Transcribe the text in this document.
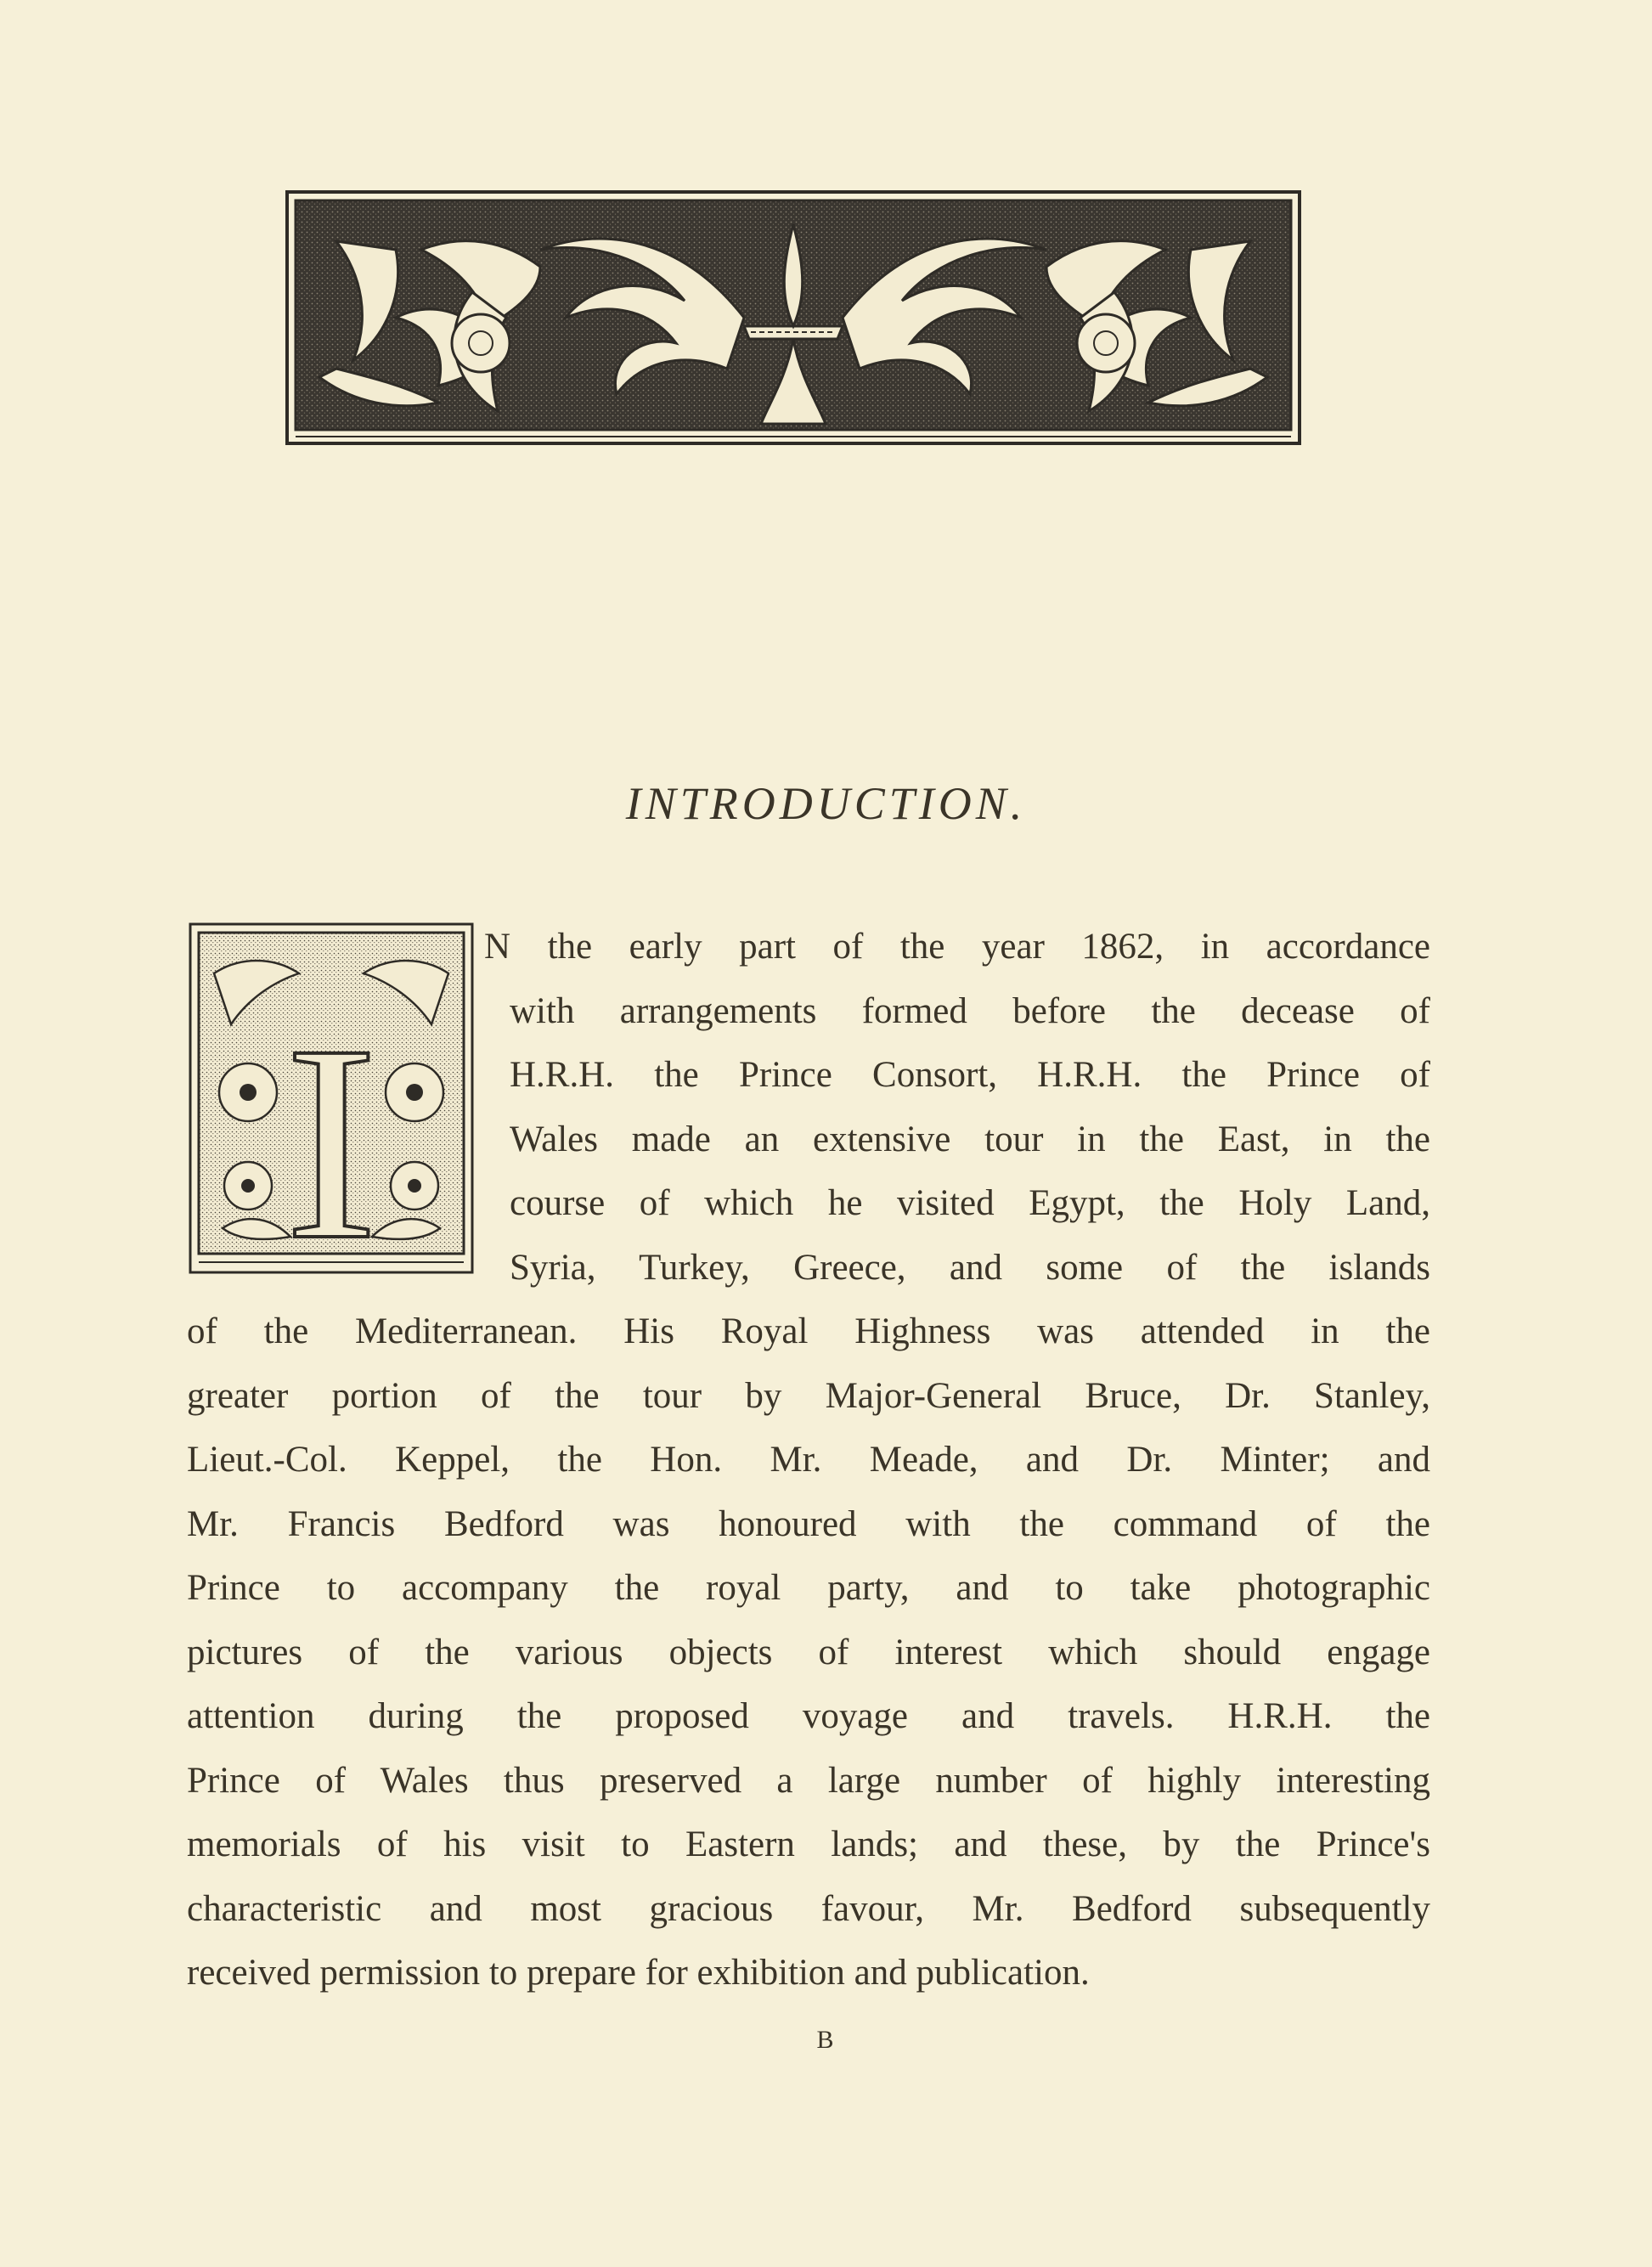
INTRODUCTION.
I
N the early part of the year 1862, in accordance
with arrangements formed before the decease of
H.R.H. the Prince Consort, H.R.H. the Prince of
Wales made an extensive tour in the East, in the
course of which he visited Egypt, the Holy Land,
Syria, Turkey, Greece, and some of the islands
of the Mediterranean. His Royal Highness was attended in the
greater portion of the tour by Major-General Bruce, Dr. Stanley,
Lieut.-Col. Keppel, the Hon. Mr. Meade, and Dr. Minter; and
Mr. Francis Bedford was honoured with the command of the
Prince to accompany the royal party, and to take photographic
pictures of the various objects of interest which should engage
attention during the proposed voyage and travels. H.R.H. the
Prince of Wales thus preserved a large number of highly interesting
memorials of his visit to Eastern lands; and these, by the Prince's
characteristic and most gracious favour, Mr. Bedford subsequently
received permission to prepare for exhibition and publication.
B
